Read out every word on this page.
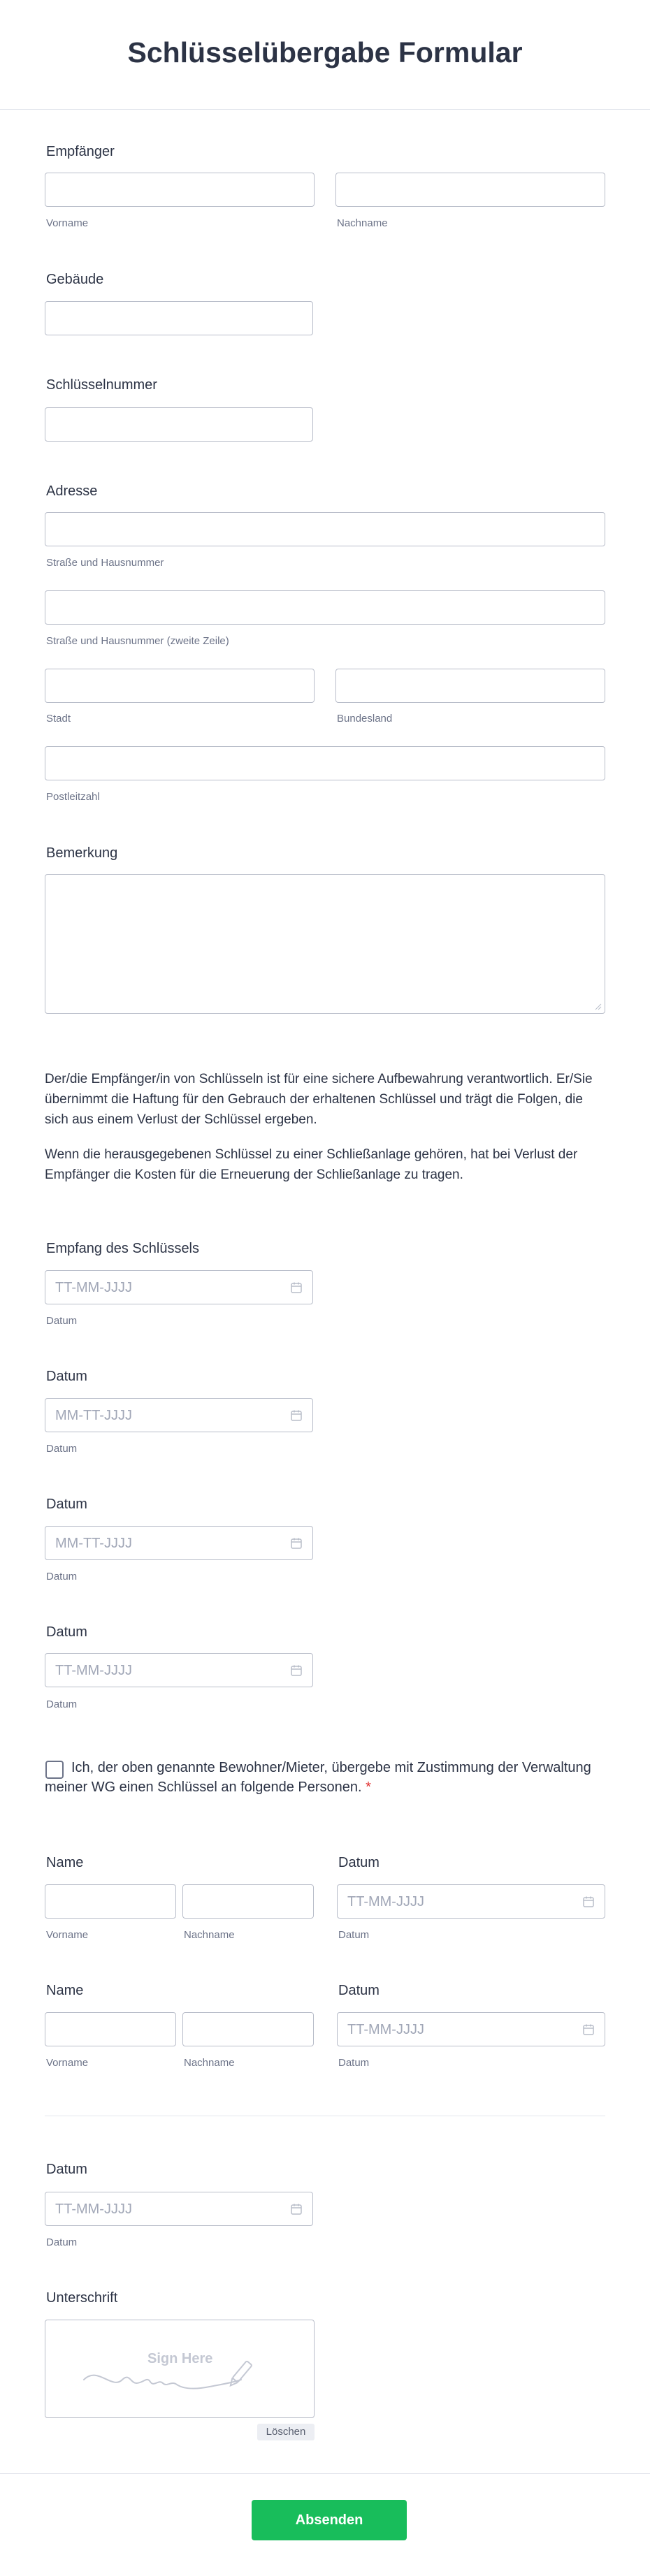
Schlüsselübergabe Formular
Empfänger
Vorname	Nachname
Gebäude
Schlüsselnummer
Adresse
Straße und Hausnummer
Straße und Hausnummer (zweite Zeile)
Stadt	Bundesland
Postleitzahl
Bemerkung
Der/die Empfänger/in von Schlüsseln ist für eine sichere Aufbewahrung verantwortlich. Er/Sie übernimmt die Haftung für den Gebrauch der erhaltenen Schlüssel und trägt die Folgen, die sich aus einem Verlust der Schlüssel ergeben.
Wenn die herausgegebenen Schlüssel zu einer Schließanlage gehören, hat bei Verlust der Empfänger die Kosten für die Erneuerung der Schließanlage zu tragen.
Empfang des Schlüssels
TT-MM-JJJJ
Datum
Datum
MM-TT-JJJJ
Datum
Datum
MM-TT-JJJJ
Datum
Datum
TT-MM-JJJJ
Datum
Ich, der oben genannte Bewohner/Mieter, übergebe mit Zustimmung der Verwaltung meiner WG einen Schlüssel an folgende Personen. *
Name	Datum
TT-MM-JJJJ
Vorname	Nachname	Datum
Name	Datum
TT-MM-JJJJ
Vorname	Nachname	Datum
Datum
TT-MM-JJJJ
Datum
Unterschrift
Sign Here
Löschen
Absenden
